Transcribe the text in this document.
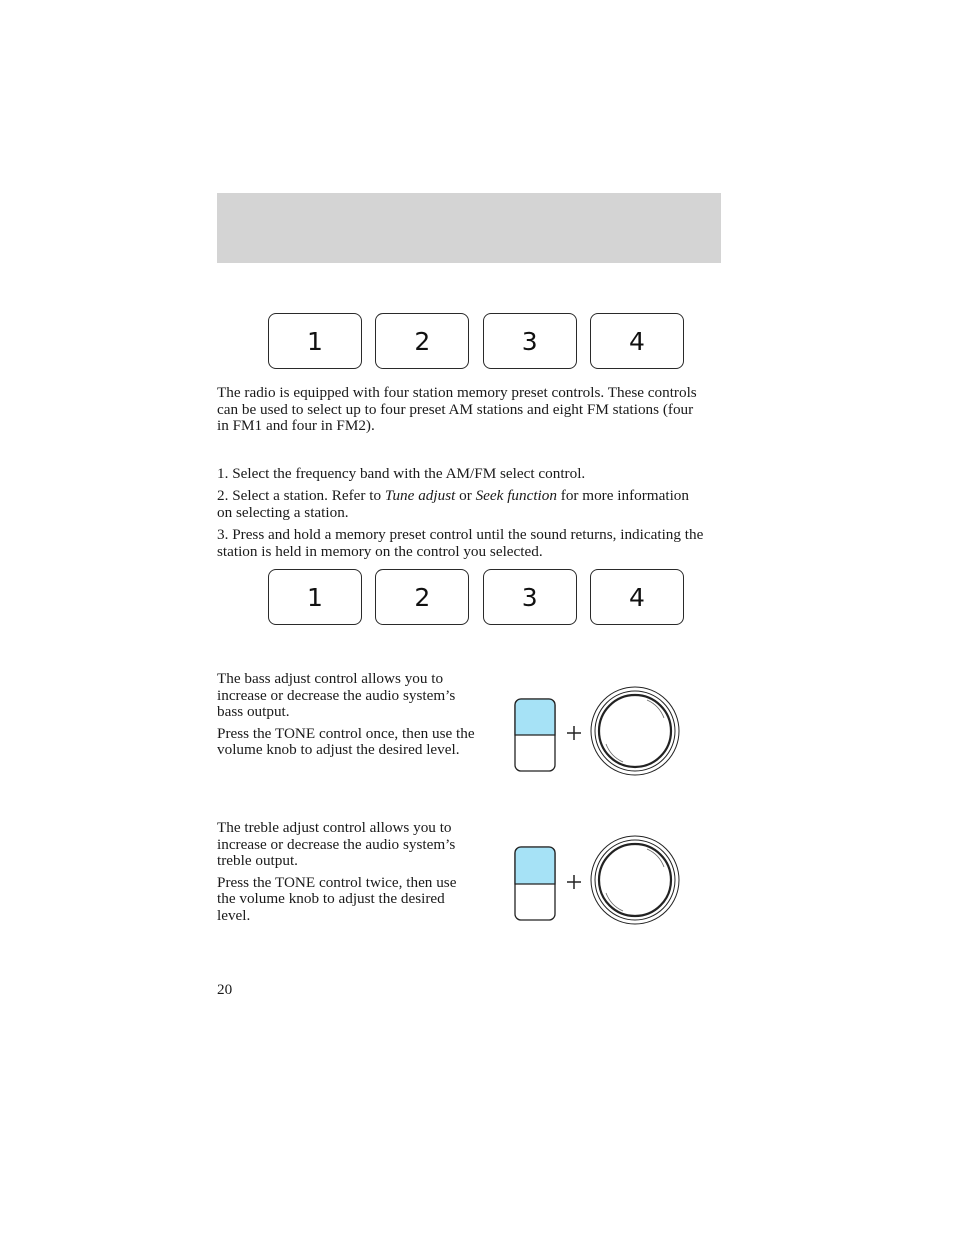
1	2	3	4

The radio is equipped with four station memory preset controls. These controls can be used to select up to four preset AM stations and eight FM stations (four in FM1 and four in FM2).

1. Select the frequency band with the AM/FM select control.

2. Select a station. Refer to Tune adjust or Seek function for more information on selecting a station.

3. Press and hold a memory preset control until the sound returns, indicating the station is held in memory on the control you selected.

1	2	3	4

The bass adjust control allows you to increase or decrease the audio system’s bass output.

Press the TONE control once, then use the volume knob to adjust the desired level.

The treble adjust control allows you to increase or decrease the audio system’s treble output.

Press the TONE control twice, then use the volume knob to adjust the desired level.

20
